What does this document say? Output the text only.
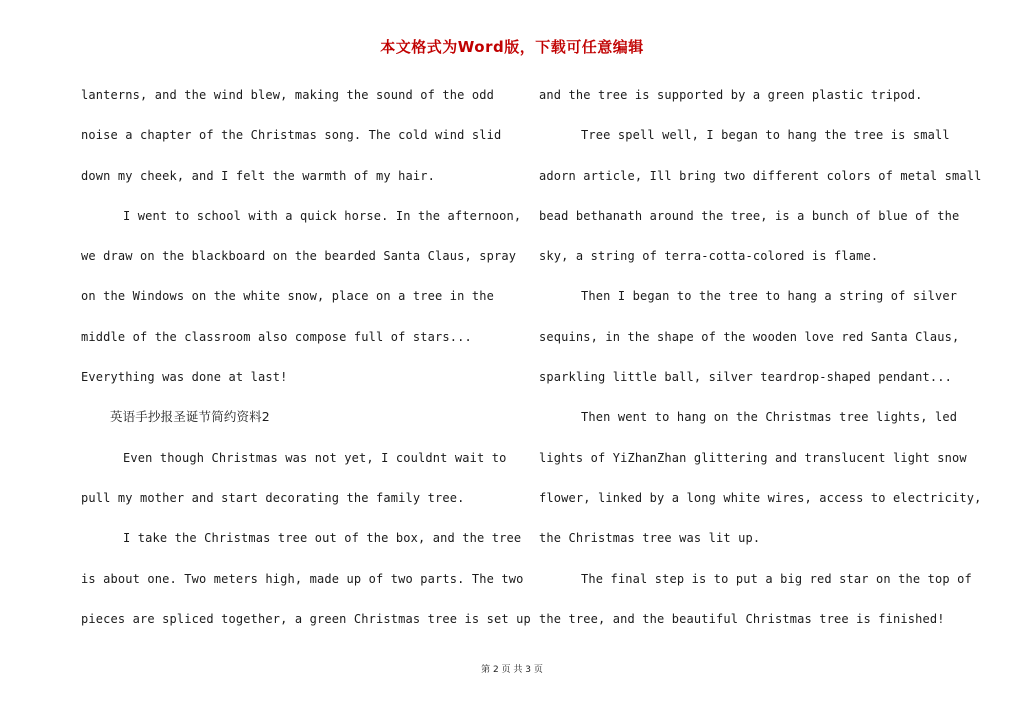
本文格式为Word版，下载可任意编辑
lanterns, and the wind blew, making the sound of the odd
noise a chapter of the Christmas song. The cold wind slid
down my cheek, and I felt the warmth of my hair.
I went to school with a quick horse. In the afternoon,
we draw on the blackboard on the bearded Santa Claus, spray
on the Windows on the white snow, place on a tree in the
middle of the classroom also compose full of stars...
Everything was done at last!
英语手抄报圣诞节简约资料2
Even though Christmas was not yet, I couldnt wait to
pull my mother and start decorating the family tree.
I take the Christmas tree out of the box, and the tree
is about one. Two meters high, made up of two parts. The two
pieces are spliced together, a green Christmas tree is set up
and the tree is supported by a green plastic tripod.
Tree spell well, I began to hang the tree is small
adorn article, Ill bring two different colors of metal small
bead bethanath around the tree, is a bunch of blue of the
sky, a string of terra-cotta-colored is flame.
Then I began to the tree to hang a string of silver
sequins, in the shape of the wooden love red Santa Claus,
sparkling little ball, silver teardrop-shaped pendant...
Then went to hang on the Christmas tree lights, led
lights of YiZhanZhan glittering and translucent light snow
flower, linked by a long white wires, access to electricity,
the Christmas tree was lit up.
The final step is to put a big red star on the top of
the tree, and the beautiful Christmas tree is finished!
第 2 页 共 3 页
